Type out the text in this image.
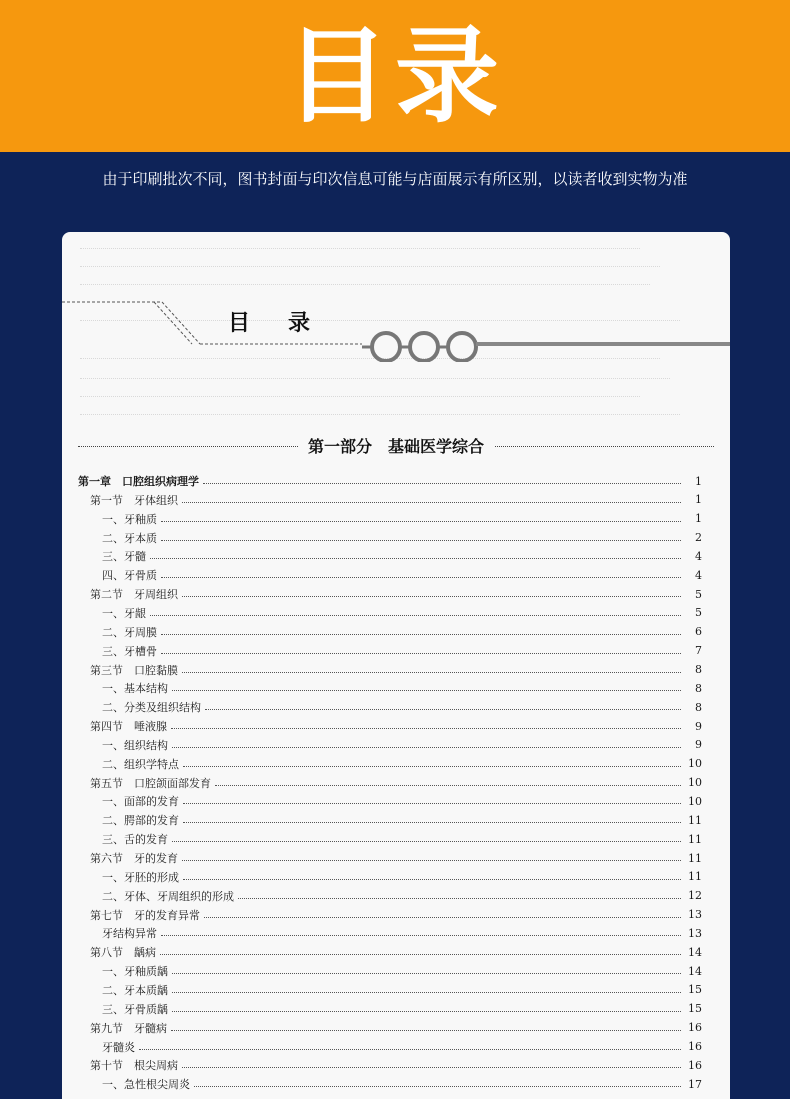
目录
由于印刷批次不同，图书封面与印次信息可能与店面展示有所区别，以读者收到实物为准
目录
第一部分　基础医学综合
第一章　口腔组织病理学	1
第一节　牙体组织	1
一、牙釉质	1
二、牙本质	2
三、牙髓	4
四、牙骨质	4
第二节　牙周组织	5
一、牙龈	5
二、牙周膜	6
三、牙槽骨	7
第三节　口腔黏膜	8
一、基本结构	8
二、分类及组织结构	8
第四节　唾液腺	9
一、组织结构	9
二、组织学特点	10
第五节　口腔颌面部发育	10
一、面部的发育	10
二、腭部的发育	11
三、舌的发育	11
第六节　牙的发育	11
一、牙胚的形成	11
二、牙体、牙周组织的形成	12
第七节　牙的发育异常	13
牙结构异常	13
第八节　龋病	14
一、牙釉质龋	14
二、牙本质龋	15
三、牙骨质龋	15
第九节　牙髓病	16
牙髓炎	16
第十节　根尖周病	16
一、急性根尖周炎	17
